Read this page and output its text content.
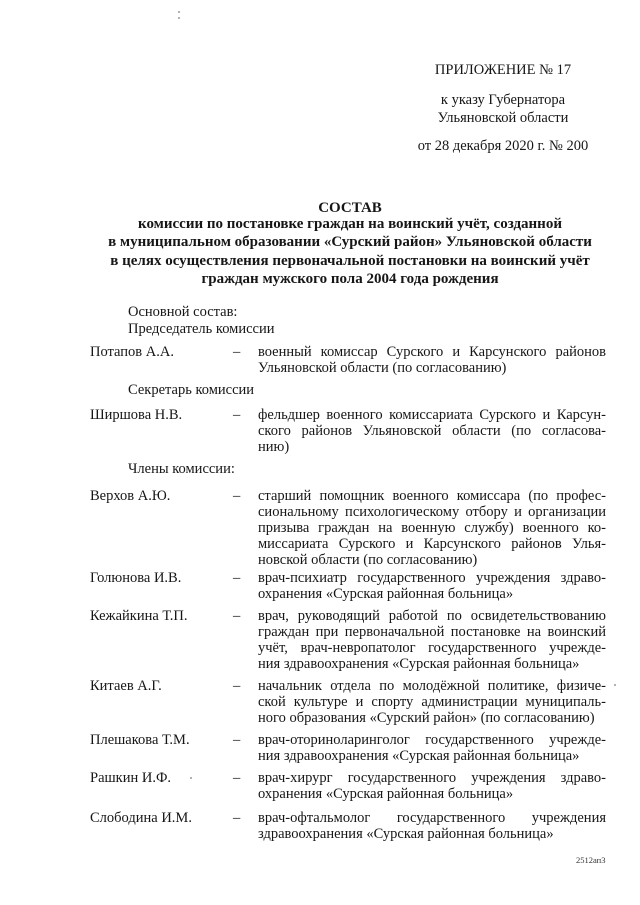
ПРИЛОЖЕНИЕ № 17
к указу Губернатора
Ульяновской области
от 28 декабря 2020 г. № 200
СОСТАВ
комиссии по постановке граждан на воинский учёт, созданной
в муниципальном образовании «Сурский район» Ульяновской области
в целях осуществления первоначальной постановки на воинский учёт
граждан мужского пола 2004 года рождения
Основной состав:
Председатель комиссии
Секретарь комиссии
Члены комиссии:
2512ап3
Потапов А.А.	– военный комиссар Сурского и Карсунского районов
Ульяновской области (по согласованию)
Ширшова Н.В.	– фельдшер военного комиссариата Сурского и Карсун-
ского районов Ульяновской области (по согласова-
нию)
Верхов А.Ю.	– старший помощник военного комиссара (по профес-
сиональному психологическому отбору и организации
призыва граждан на военную службу) военного ко-
миссариата Сурского и Карсунского районов Улья-
новской области (по согласованию)
Голюнова И.В.	– врач-психиатр государственного учреждения здраво-
охранения «Сурская районная больница»
Кежайкина Т.П.	– врач, руководящий работой по освидетельствованию
граждан при первоначальной постановке на воинский
учёт, врач-невропатолог государственного учрежде-
ния здравоохранения «Сурская районная больница»
Китаев А.Г.	– начальник отдела по молодёжной политике, физиче-
ской культуре и спорту администрации муниципаль-
ного образования «Сурский район» (по согласованию)
Плешакова Т.М.	– врач-оториноларинголог государственного учрежде-
ния здравоохранения «Сурская районная больница»
Рашкин И.Ф.	– врач-хирург государственного учреждения здраво-
охранения «Сурская районная больница»
Слободина И.М.	– врач-офтальмолог государственного учреждения
здравоохранения «Сурская районная больница»
